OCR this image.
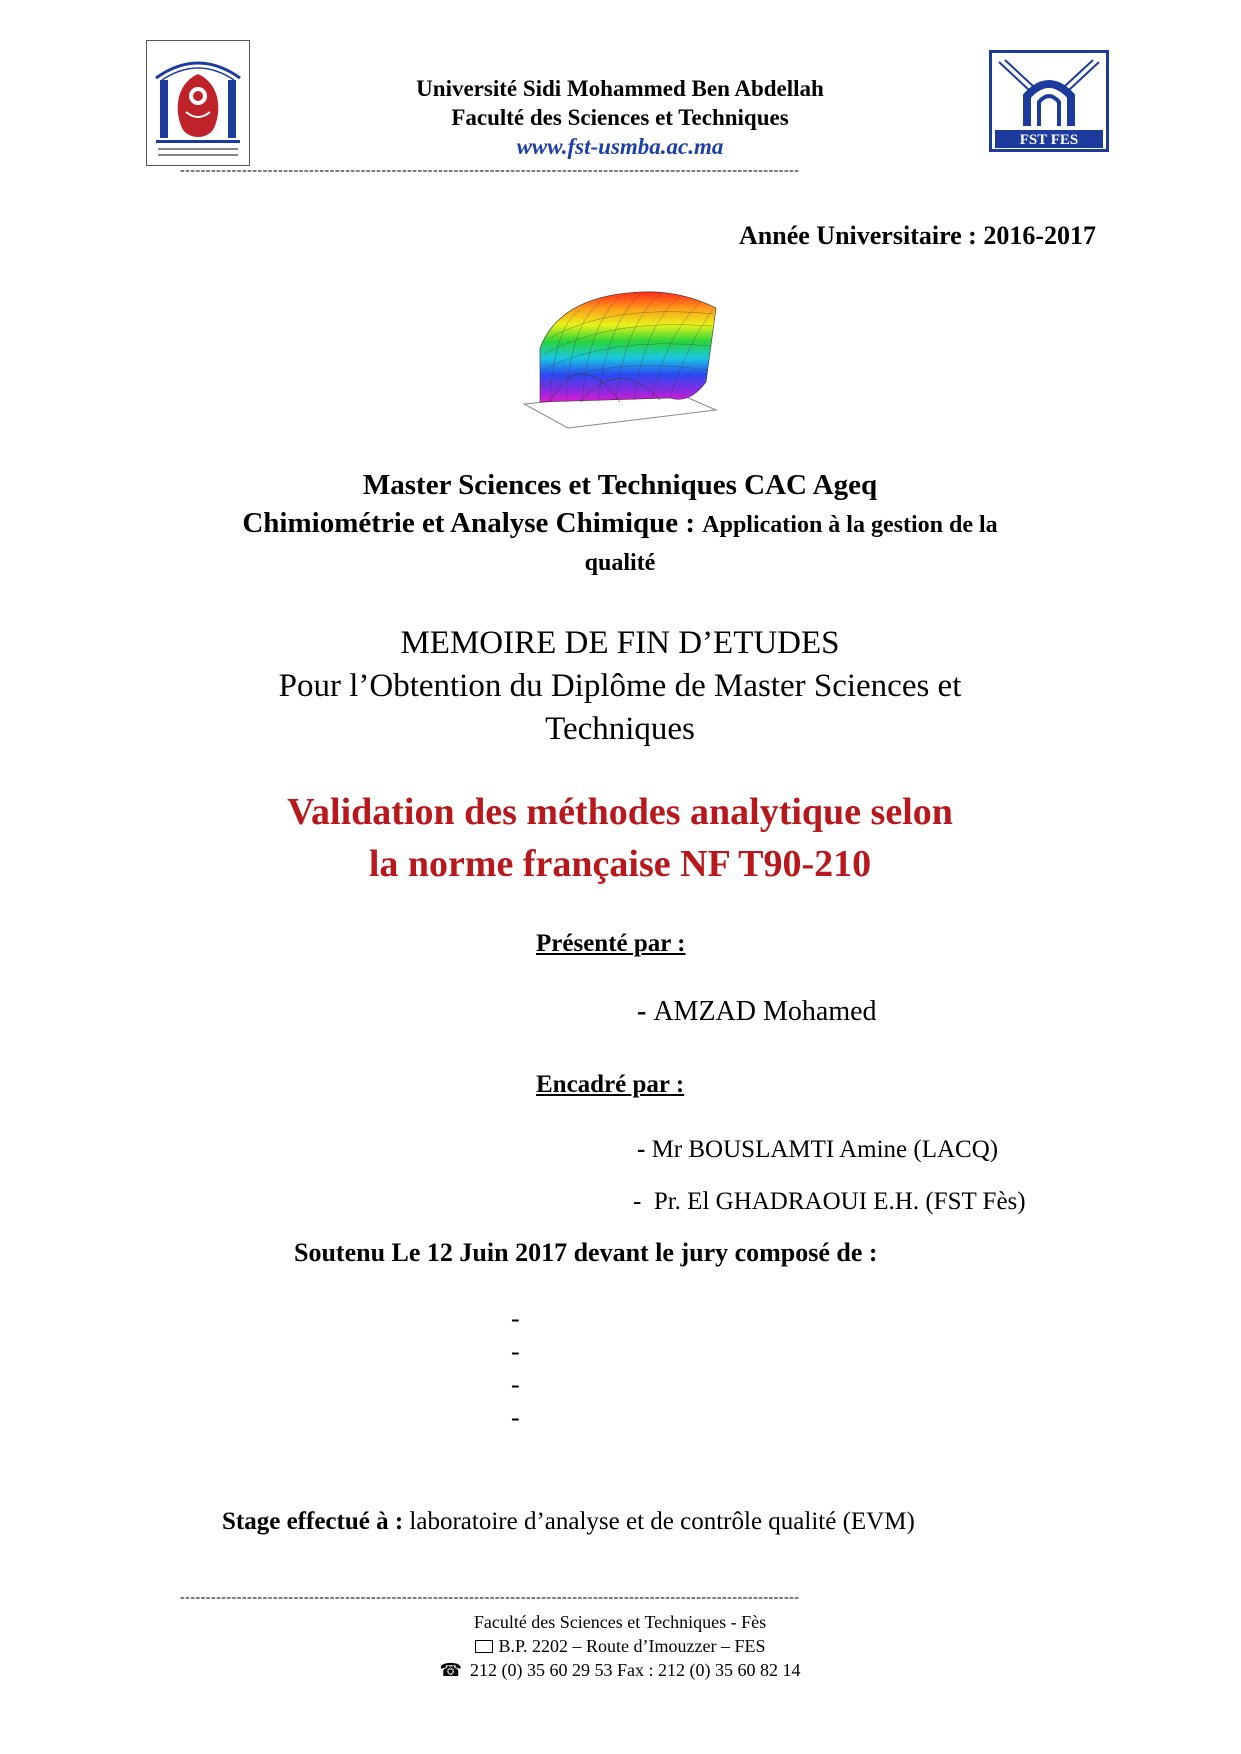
Université Sidi Mohammed Ben Abdellah
Faculté des Sciences et Techniques
www.fst-usmba.ac.ma	FST FES
------------------------------------------------------------------------------------------------------------------------
Année Universitaire : 2016-2017
Master Sciences et Techniques CAC Ageq
Chimiométrie et Analyse Chimique : Application à la gestion de la
qualité
MEMOIRE DE FIN D’ETUDES
Pour l’Obtention du Diplôme de Master Sciences et
Techniques
Validation des méthodes analytique selon
la norme française NF T90-210
Présenté par :
- AMZAD Mohamed
Encadré par :
- Mr BOUSLAMTI Amine (LACQ)
-  Pr. El GHADRAOUI E.H. (FST Fès)
Soutenu Le 12 Juin 2017 devant le jury composé de :
-
-
-
-
Stage effectué à : laboratoire d’analyse et de contrôle qualité (EVM)
------------------------------------------------------------------------------------------------------------------------
Faculté des Sciences et Techniques - Fès
B.P. 2202 – Route d’Imouzzer – FES
☎ 212 (0) 35 60 29 53 Fax : 212 (0) 35 60 82 14
